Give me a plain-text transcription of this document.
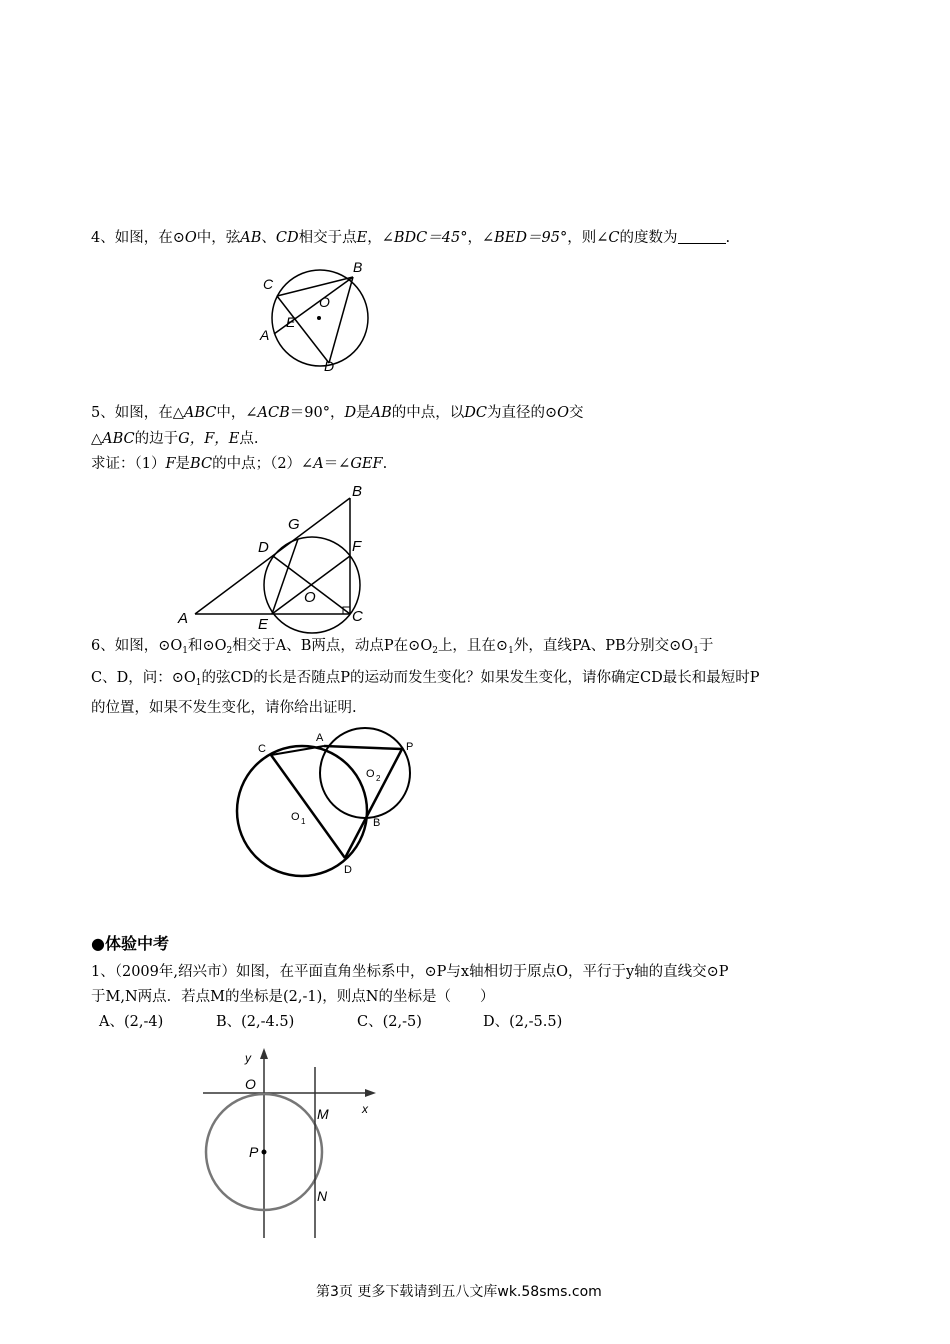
4、如图，在⊙O中，弦AB、CD相交于点E，∠BDC＝45°，∠BED＝95°，则∠C的度数为	.
C
B
O
E
A
D
5、如图，在△ABC中，∠ACB＝90°，D是AB的中点，以DC为直径的⊙O交
△ABC的边于G，F，E点.
求证：（1）F是BC的中点；（2）∠A＝∠GEF.
B
G
D	F
O
A	E	C
6、如图，$⊙O_1$和$⊙O_2$相交于A、B两点，动点P在$⊙O_2$上，且在$⊙_1$外，直线PA、PB分别交$⊙O_1$于
C、D，问：$⊙O_1$的弦CD的长是否随点P的运动而发生变化？如果发生变化，请你确定CD最长和最短时P
的位置，如果不发生变化，请你给出证明.
C
A
P
O 2
O 1	B
D
●体验中考
1、（2009年,绍兴市）如图，在平面直角坐标系中，⊙P与x轴相切于原点O，平行于y轴的直线交⊙P
于M,N两点．若点M的坐标是(2,-1)，则点N的坐标是（　　）
A、(2,-4)	B、(2,-4.5)	C、(2,-5)	D、(2,-5.5)
y
O
x
M
P
N
第3页 更多下载请到五八文库wk.58sms.com
